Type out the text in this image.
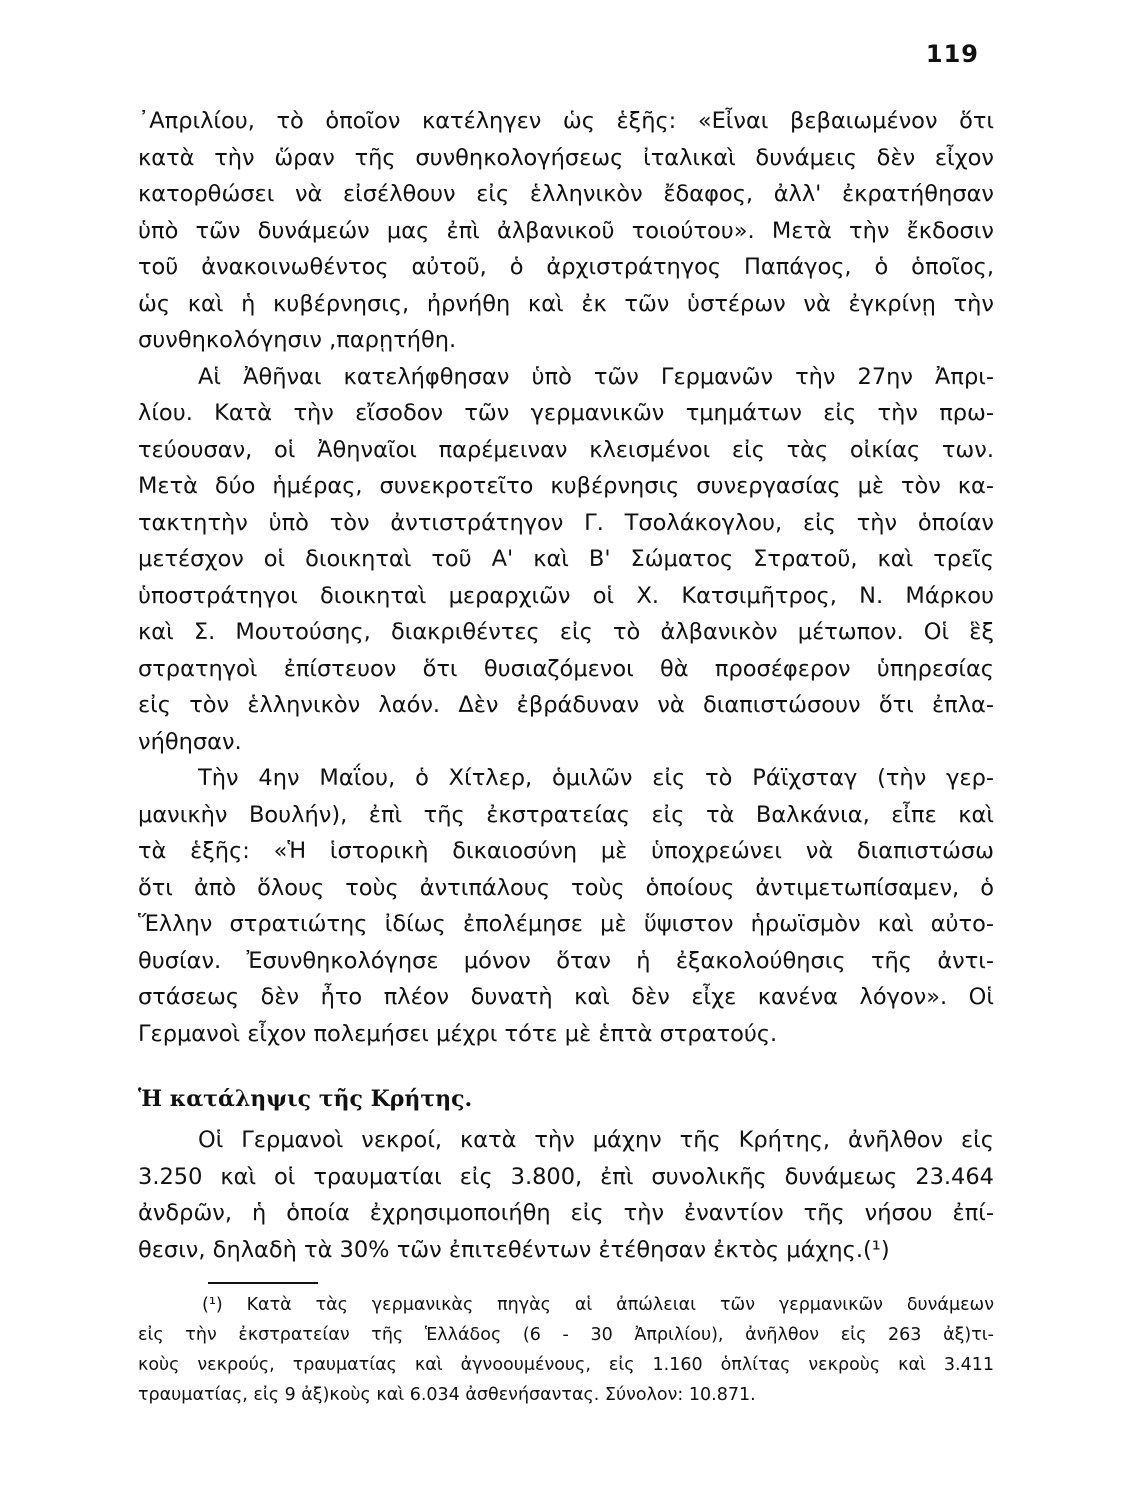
119
᾿Απριλίου, τὸ ὁποῖον κατέληγεν ὡς ἑξῆς: «Εἶναι βεβαιωμένον ὅτι
κατὰ τὴν ὥραν τῆς συνθηκολογήσεως ἰταλικαὶ δυνάμεις δὲν εἶχον
κατορθώσει νὰ εἰσέλθουν εἰς ἑλληνικὸν ἔδαφος, ἀλλ' ἐκρατήθησαν
ὑπὸ τῶν δυνάμεών μας ἐπὶ ἀλβανικοῦ τοιούτου». Μετὰ τὴν ἔκδοσιν
τοῦ ἀνακοινωθέντος αὐτοῦ, ὁ ἀρχιστράτηγος Παπάγος, ὁ ὁποῖος,
ὡς καὶ ἡ κυβέρνησις, ἠρνήθη καὶ ἐκ τῶν ὑστέρων νὰ ἐγκρίνῃ τὴν
συνθηκολόγησιν ,παρῃτήθη.
Αἱ Ἀθῆναι κατελήφθησαν ὑπὸ τῶν Γερμανῶν τὴν 27ην Ἀπρι-
λίου. Κατὰ τὴν εἴσοδον τῶν γερμανικῶν τμημάτων εἰς τὴν πρω-
τεύουσαν, οἱ Ἀθηναῖοι παρέμειναν κλεισμένοι εἰς τὰς οἰκίας των.
Μετὰ δύο ἡμέρας, συνεκροτεῖτο κυβέρνησις συνεργασίας μὲ τὸν κα-
τακτητὴν ὑπὸ τὸν ἀντιστράτηγον Γ. Τσολάκογλου, εἰς τὴν ὁποίαν
μετέσχον οἱ διοικηταὶ τοῦ Α' καὶ Β' Σώματος Στρατοῦ, καὶ τρεῖς
ὑποστράτηγοι διοικηταὶ μεραρχιῶν οἱ Χ. Κατσιμῆτρος, Ν. Μάρκου
καὶ Σ. Μουτούσης, διακριθέντες εἰς τὸ ἀλβανικὸν μέτωπον. Οἱ ἓξ
στρατηγοὶ ἐπίστευον ὅτι θυσιαζόμενοι θὰ προσέφερον ὑπηρεσίας
εἰς τὸν ἑλληνικὸν λαόν. Δὲν ἐβράδυναν νὰ διαπιστώσουν ὅτι ἐπλα-
νήθησαν.
Τὴν 4ην Μαΐου, ὁ Χίτλερ, ὁμιλῶν εἰς τὸ Ράϊχσταγ (τὴν γερ-
μανικὴν Βουλήν), ἐπὶ τῆς ἐκστρατείας εἰς τὰ Βαλκάνια, εἶπε καὶ
τὰ ἑξῆς: «Ἡ ἱστορικὴ δικαιοσύνη μὲ ὑποχρεώνει νὰ διαπιστώσω
ὅτι ἀπὸ ὅλους τοὺς ἀντιπάλους τοὺς ὁποίους ἀντιμετωπίσαμεν, ὁ
Ἕλλην στρατιώτης ἰδίως ἐπολέμησε μὲ ὕψιστον ἡρωϊσμὸν καὶ αὐτο-
θυσίαν. Ἐσυνθηκολόγησε μόνον ὅταν ἡ ἐξακολούθησις τῆς ἀντι-
στάσεως δὲν ἦτο πλέον δυνατὴ καὶ δὲν εἶχε κανένα λόγον». Οἱ
Γερμανοὶ εἶχον πολεμήσει μέχρι τότε μὲ ἑπτὰ στρατούς.
Ἡ κατάληψις τῆς Κρήτης.
Οἱ Γερμανοὶ νεκροί, κατὰ τὴν μάχην τῆς Κρήτης, ἀνῆλθον εἰς
3.250 καὶ οἱ τραυματίαι εἰς 3.800, ἐπὶ συνολικῆς δυνάμεως 23.464
ἀνδρῶν, ἡ ὁποία ἐχρησιμοποιήθη εἰς τὴν ἐναντίον τῆς νήσου ἐπί-
θεσιν, δηλαδὴ τὰ 30% τῶν ἐπιτεθέντων ἐτέθησαν ἐκτὸς μάχης.(¹)
(¹) Κατὰ τὰς γερμανικὰς πηγὰς αἱ ἀπώλειαι τῶν γερμανικῶν δυνάμεων
εἰς τὴν ἐκστρατείαν τῆς Ἑλλάδος (6 - 30 Ἀπριλίου), ἀνῆλθον εἰς 263 ἀξ)τι-
κοὺς νεκρούς, τραυματίας καὶ ἀγνοουμένους, εἰς 1.160 ὁπλίτας νεκροὺς καὶ 3.411
τραυματίας, εἰς 9 ἀξ)κοὺς καὶ 6.034 ἀσθενήσαντας. Σύνολον: 10.871.
